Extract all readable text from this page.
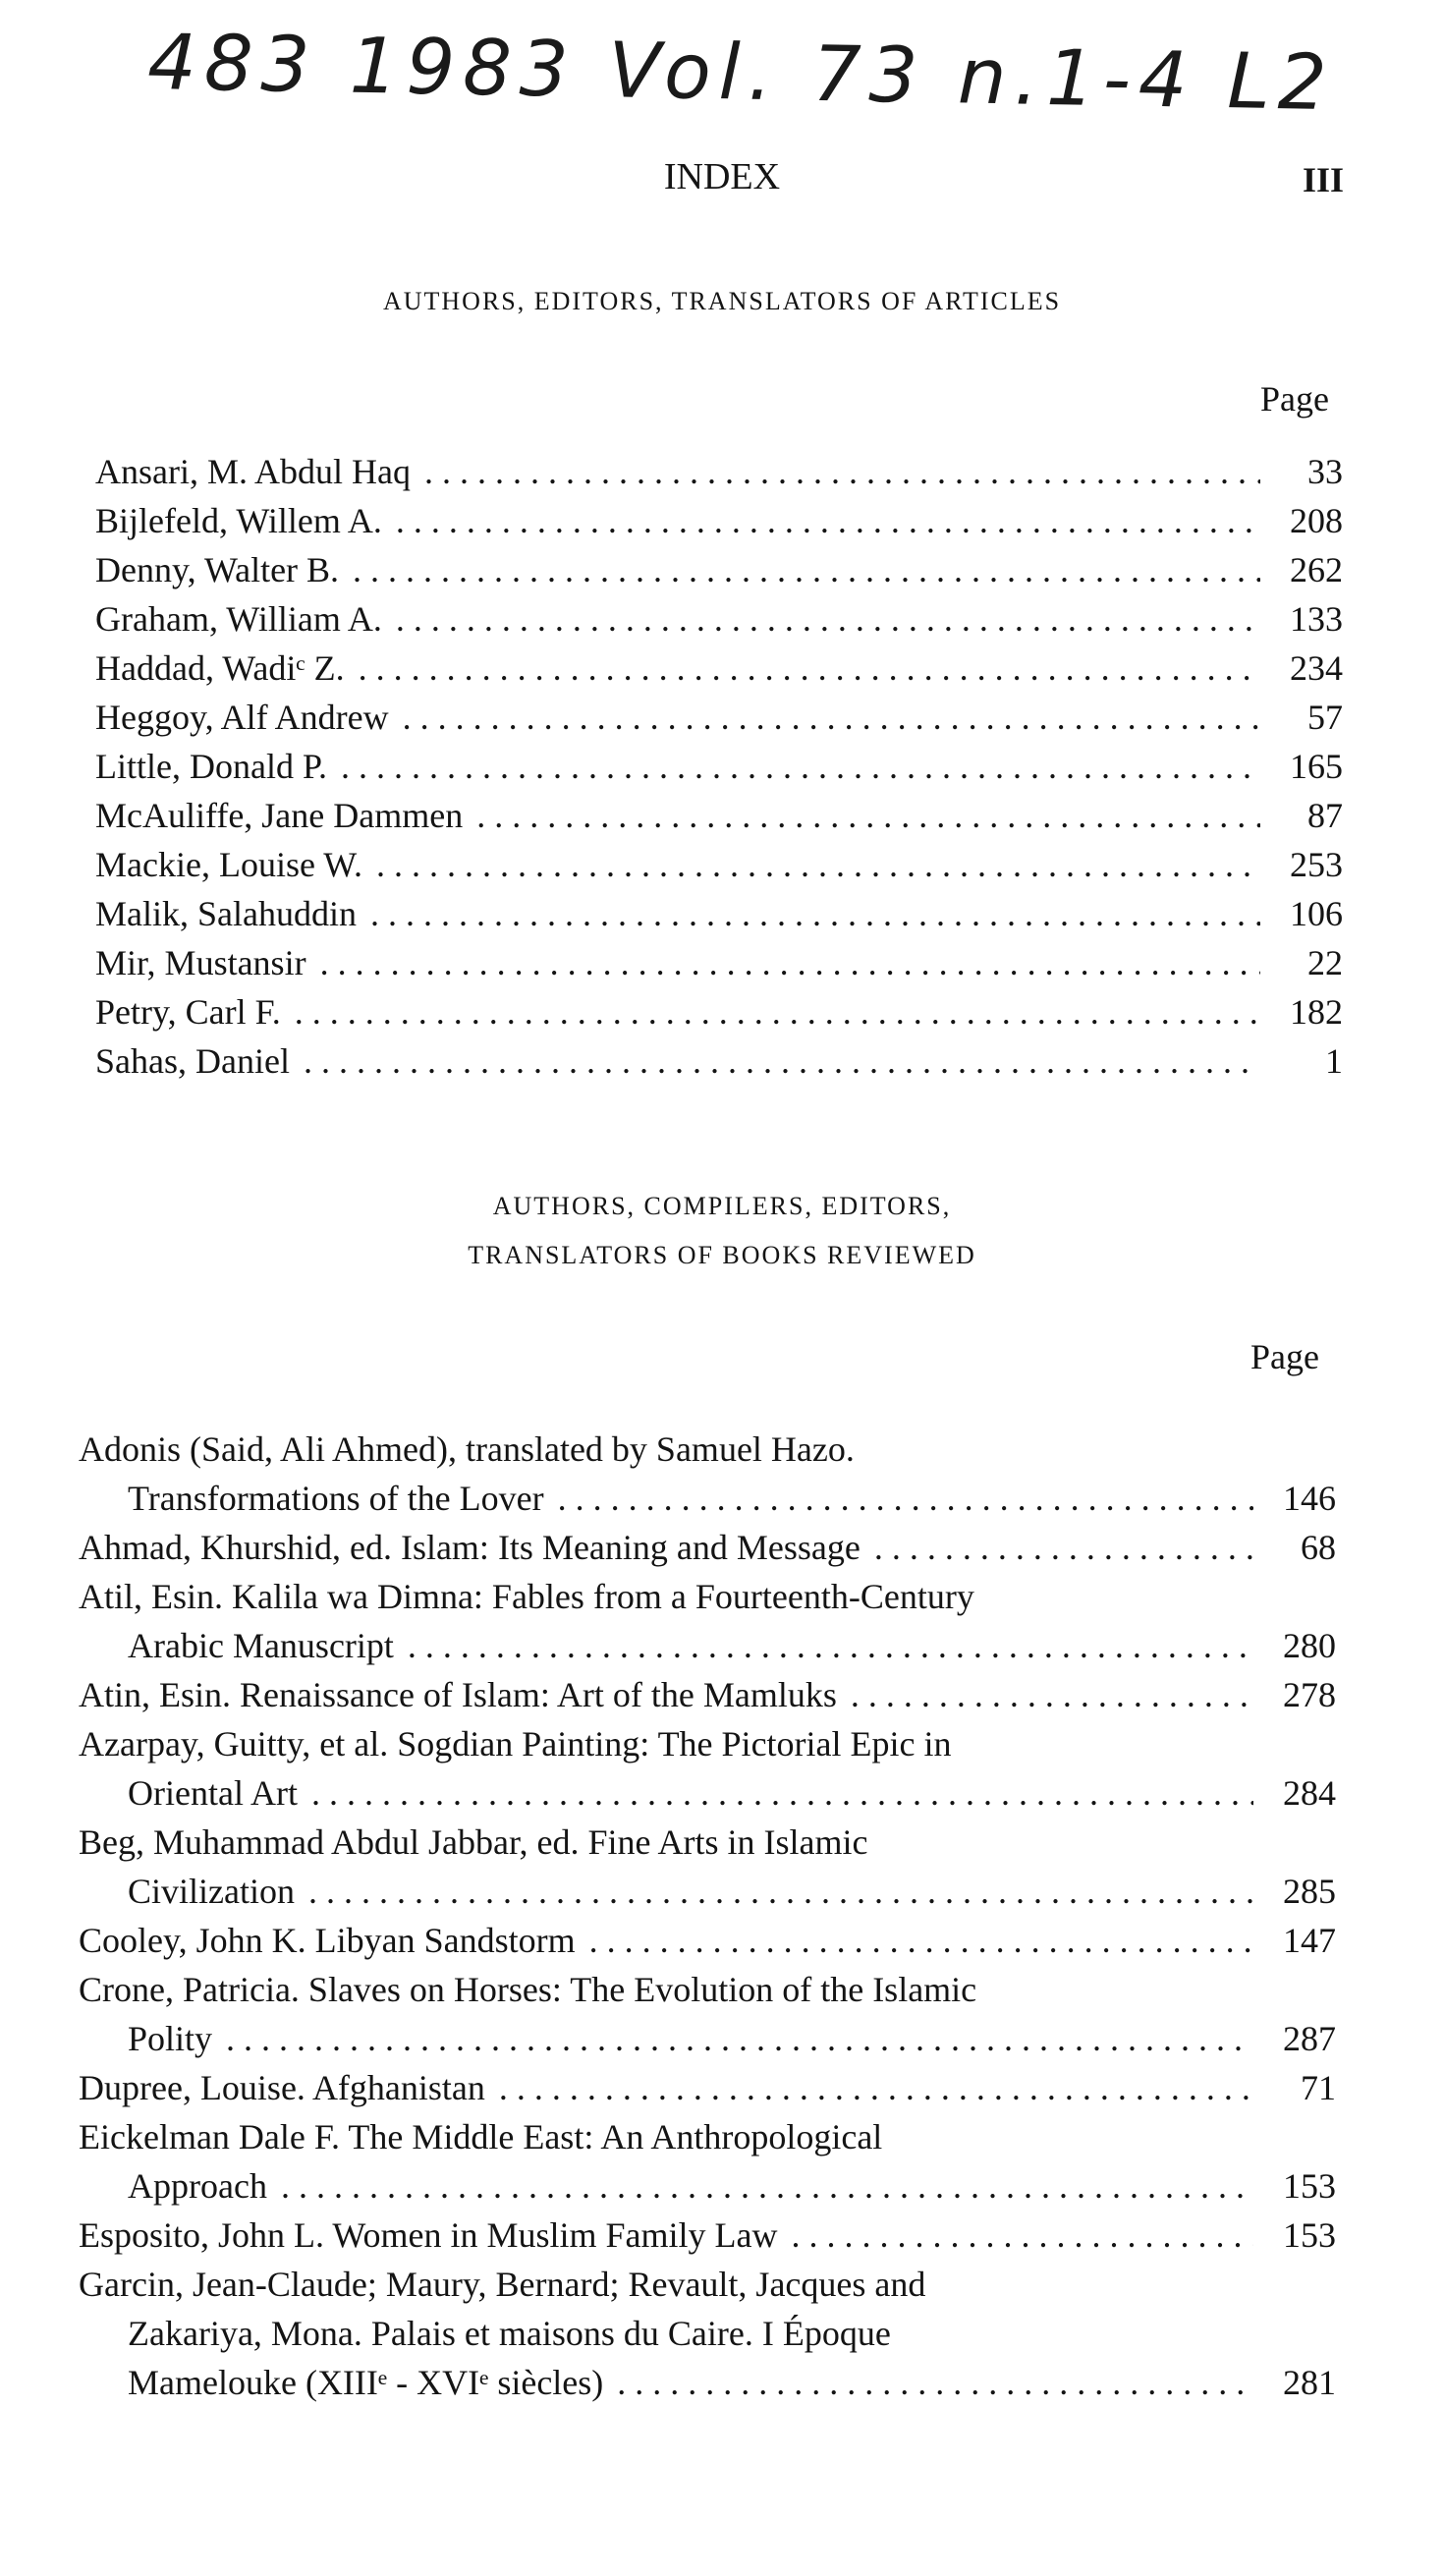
483 1983 Vol. 73 n.1-4 L2
INDEX	III
AUTHORS, EDITORS, TRANSLATORS OF ARTICLES
Page
Ansari, M. Abdul Haq . . .	33
Bijlefeld, Willem A. . . .	208
Denny, Walter B. . . .	262
Graham, William A. . . .	133
Haddad, Wadiᶜ Z. . . .	234
Heggoy, Alf Andrew . . .	57
Little, Donald P. . . .	165
McAuliffe, Jane Dammen . . .	87
Mackie, Louise W. . . .	253
Malik, Salahuddin . . .	106
Mir, Mustansir . . .	22
Petry, Carl F. . . .	182
Sahas, Daniel . . .	1
AUTHORS, COMPILERS, EDITORS,
TRANSLATORS OF BOOKS REVIEWED
Page
Adonis (Said, Ali Ahmed), translated by Samuel Hazo.
Transformations of the Lover . . .	146
Ahmad, Khurshid, ed. Islam: Its Meaning and Message . . .	68
Atil, Esin. Kalila wa Dimna: Fables from a Fourteenth-Century
Arabic Manuscript . . .	280
Atin, Esin. Renaissance of Islam: Art of the Mamluks . . .	278
Azarpay, Guitty, et al. Sogdian Painting: The Pictorial Epic in
Oriental Art . . .	284
Beg, Muhammad Abdul Jabbar, ed. Fine Arts in Islamic
Civilization . . .	285
Cooley, John K. Libyan Sandstorm . . .	147
Crone, Patricia. Slaves on Horses: The Evolution of the Islamic
Polity . . .	287
Dupree, Louise. Afghanistan . . .	71
Eickelman Dale F. The Middle East: An Anthropological
Approach . . .	153
Esposito, John L. Women in Muslim Family Law . . .	153
Garcin, Jean-Claude; Maury, Bernard; Revault, Jacques and
Zakariya, Mona. Palais et maisons du Caire. I Époque
Mamelouke (XIIIᵉ - XVIᵉ siècles) . . .	281
